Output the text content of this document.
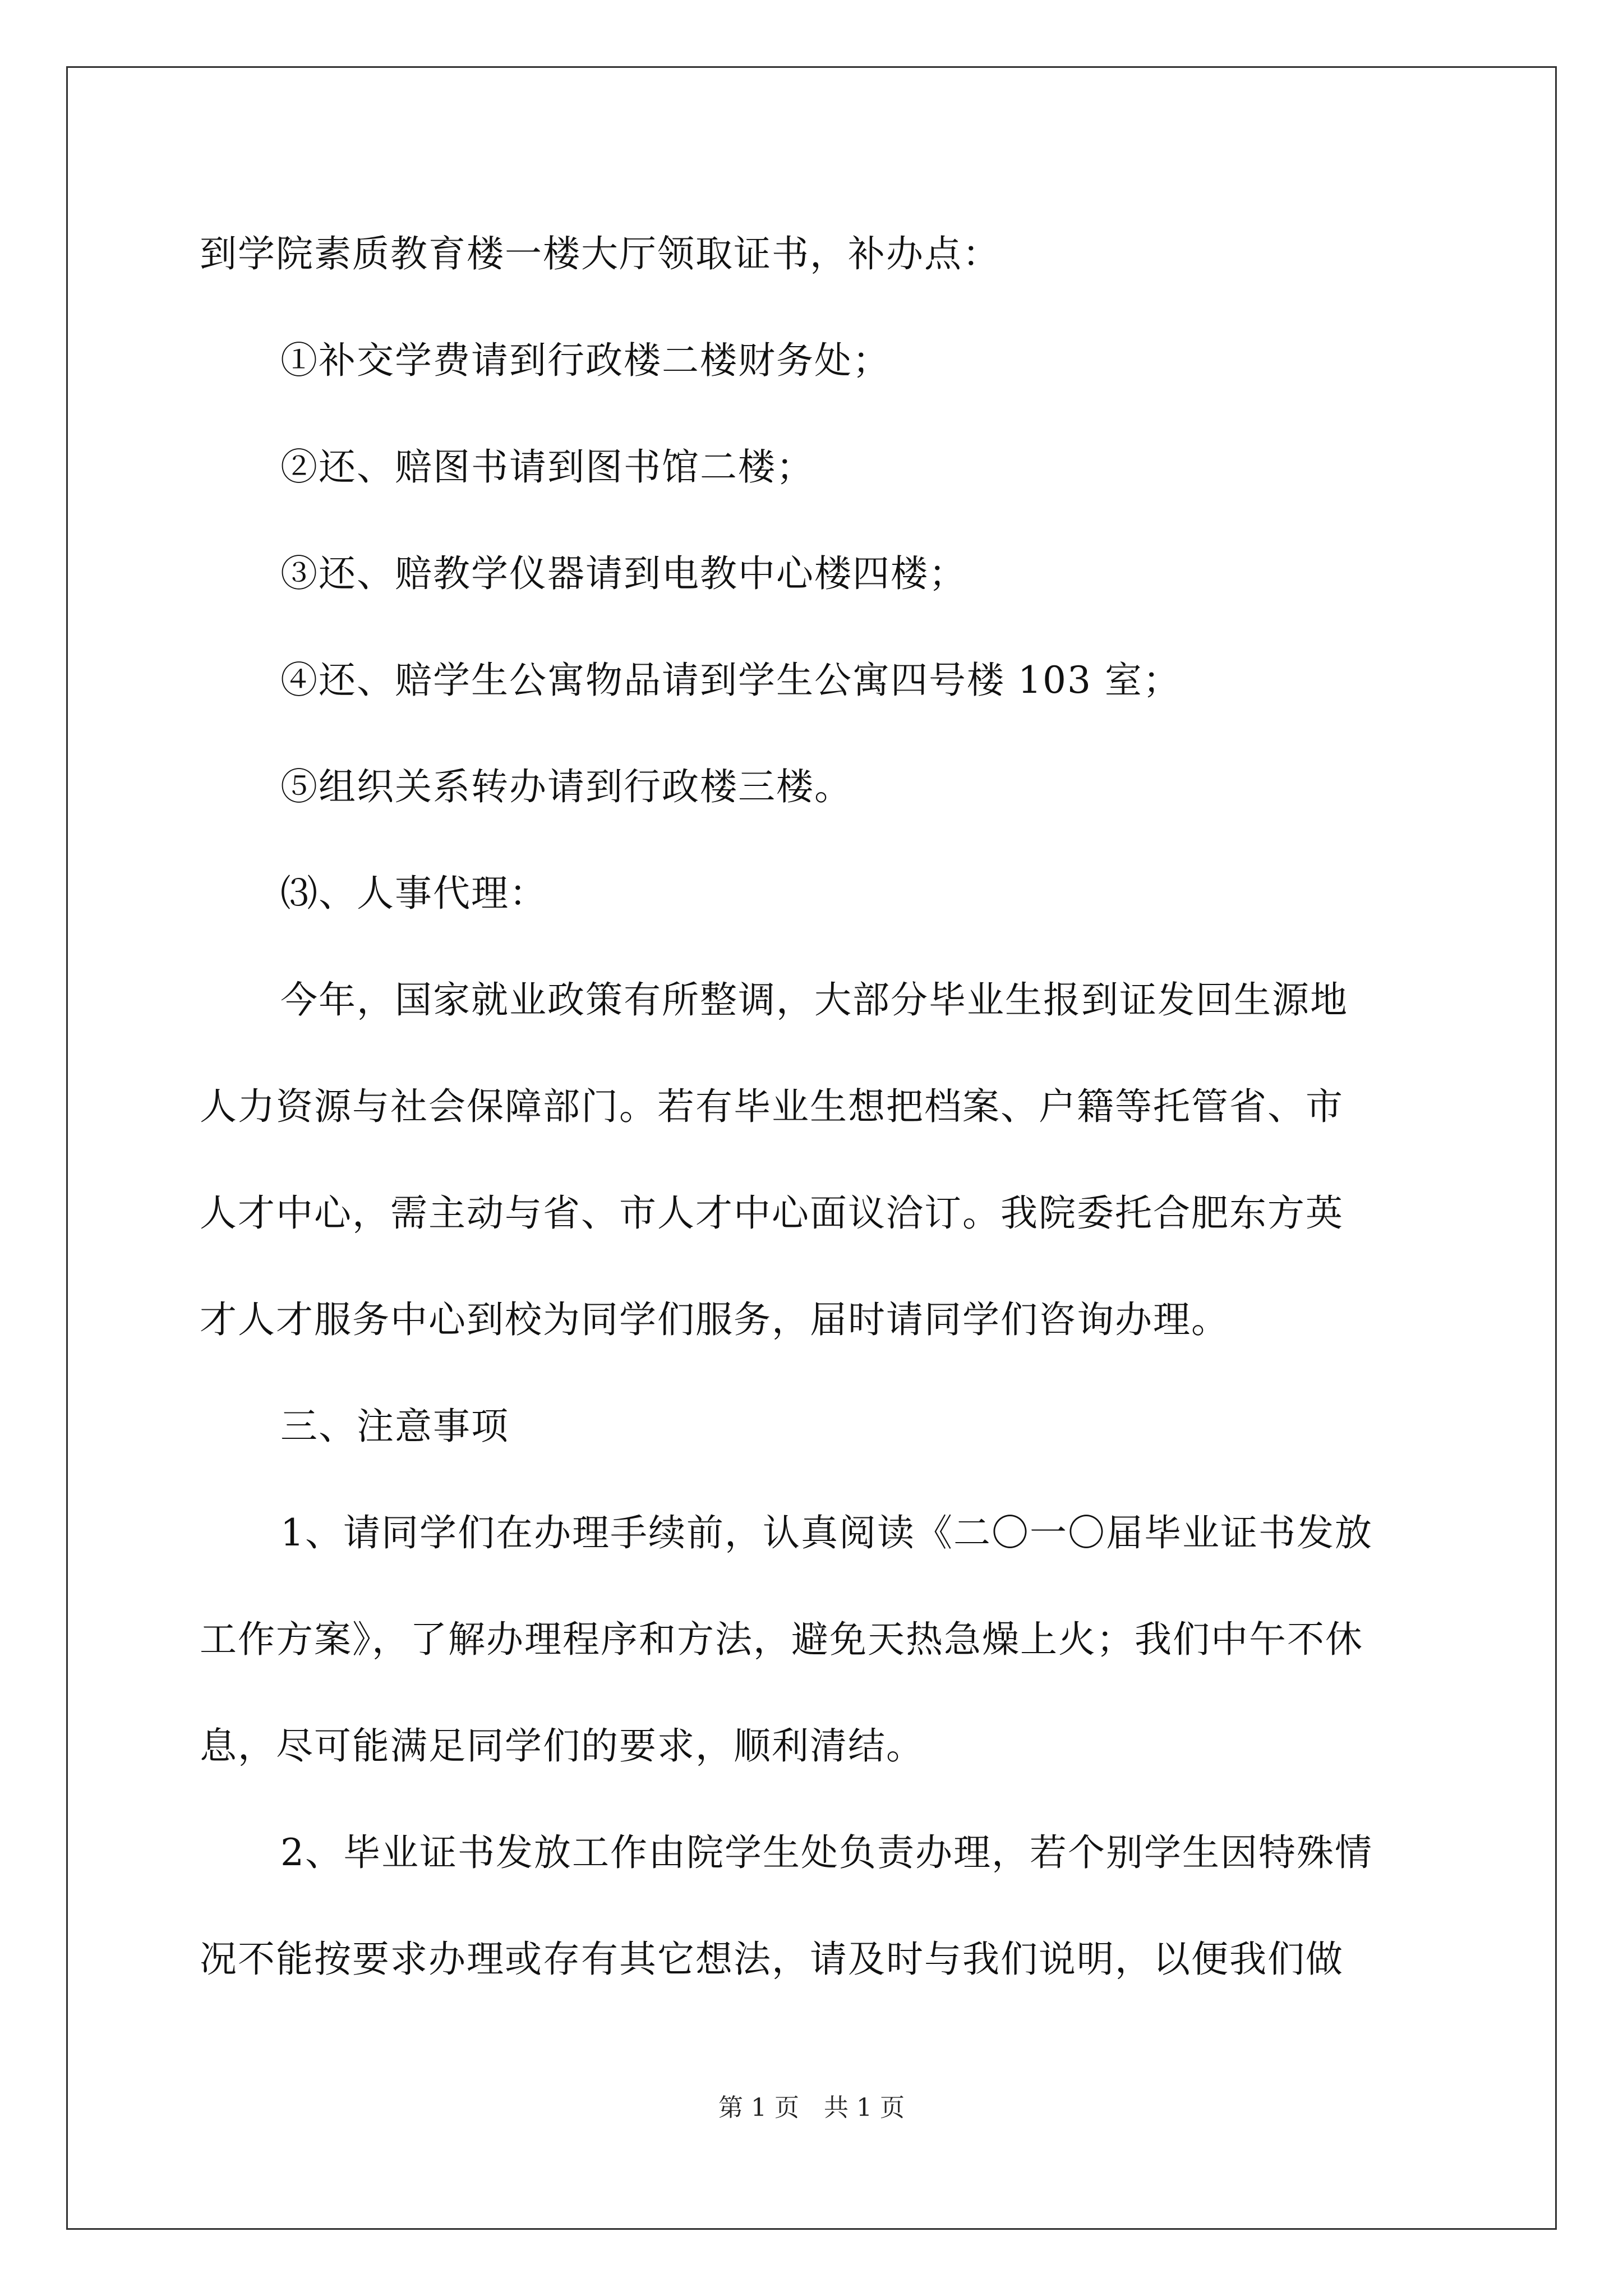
到学院素质教育楼一楼大厅领取证书，补办点：
①补交学费请到行政楼二楼财务处；
②还、赔图书请到图书馆二楼；
③还、赔教学仪器请到电教中心楼四楼；
④还、赔学生公寓物品请到学生公寓四号楼 103 室；
⑤组织关系转办请到行政楼三楼。
⑶、人事代理：
今年，国家就业政策有所整调，大部分毕业生报到证发回生源地
人力资源与社会保障部门。若有毕业生想把档案、户籍等托管省、市
人才中心，需主动与省、市人才中心面议洽订。我院委托合肥东方英
才人才服务中心到校为同学们服务，届时请同学们咨询办理。
三、注意事项
1、请同学们在办理手续前，认真阅读《二〇一〇届毕业证书发放
工作方案》，了解办理程序和方法，避免天热急燥上火；我们中午不休
息，尽可能满足同学们的要求，顺利清结。
2、毕业证书发放工作由院学生处负责办理，若个别学生因特殊情
况不能按要求办理或存有其它想法，请及时与我们说明，以便我们做
第 1 页　共 1 页
